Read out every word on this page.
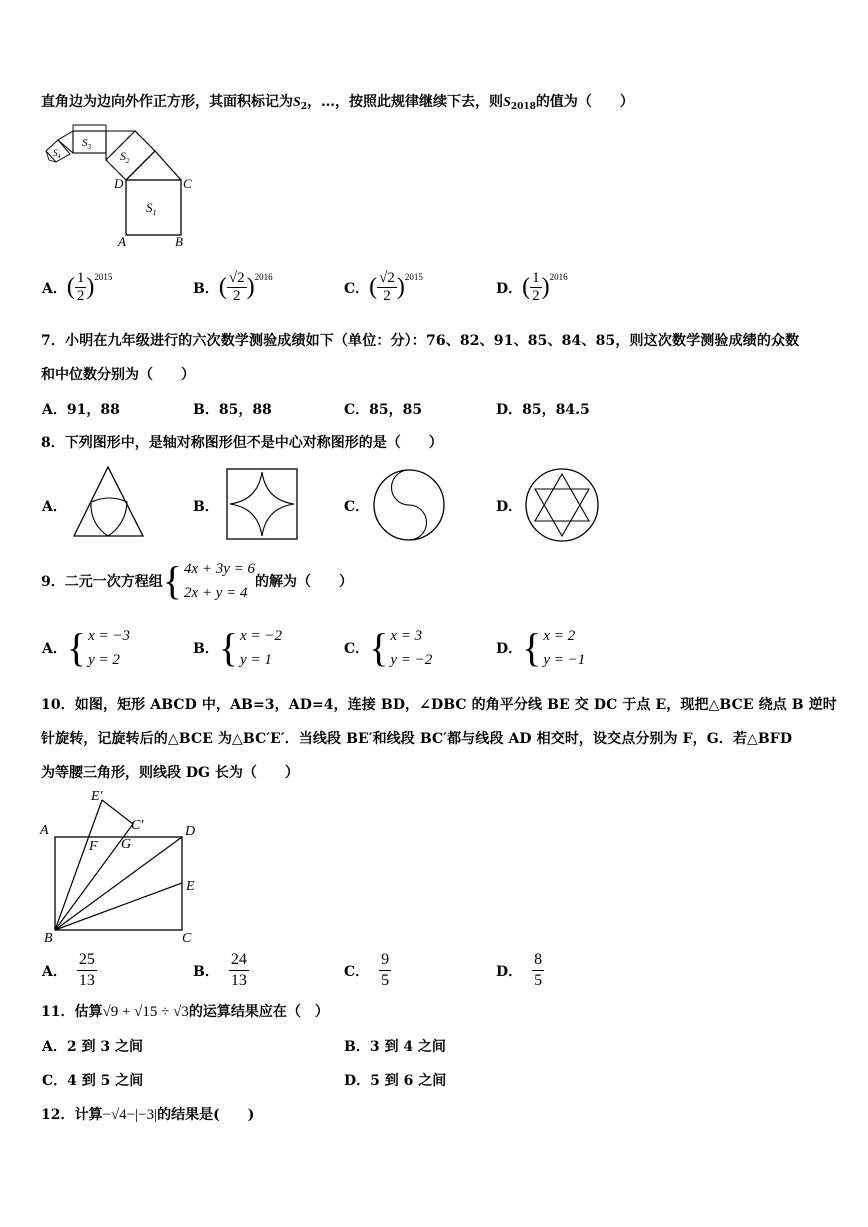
直角边为边向外作正方形，其面积标记为$S_2$，…，按照此规律继续下去，则$S_{2018}$的值为（　　）
$S_1$
$S_2$
$S_3$
$S_4$
D	C
A	B
A． ( $\frac{1}{2}$ ) 2015
B． ( $\frac{√2}{2}$ ) 2016
C． ( $\frac{√2}{2}$ ) 2015
D． ( $\frac{1}{2}$ ) 2016
7．小明在九年级进行的六次数学测验成绩如下（单位：分）：76、82、91、85、84、85，则这次数学测验成绩的众数
和中位数分别为（　　）
A．91，88	B．85，88	C．85，85	D．85，84.5
8．下列图形中，是轴对称图形但不是中心对称图形的是（　　）
A．	B．	C．	D．
9．二元一次方程组 { 4x + 3y = 6
2x + y = 4
的解为（　　）
A． { x = −3
y = 2
B． { x = −2
y = 1
C． { x = 3
y = −2
D． { x = 2
y = −1
10．如图，矩形 ABCD 中，AB=3，AD=4，连接 BD，∠DBC 的角平分线 BE 交 DC 于点 E，现把△BCE 绕点 B 逆时
针旋转，记旋转后的△BCE 为△BC′E′．当线段 BE′和线段 BC′都与线段 AD 相交时，设交点分别为 F，G．若△BFD
为等腰三角形，则线段 DG 长为（　　）
A	D
E
B	C
E′
C′
F G
A． $\frac{25}{13}$	B． $\frac{24}{13}$	C． $\frac{9}{5}$	D． $\frac{8}{5}$
11．估算√9 + √15 ÷ √3的运算结果应在（　）
A．2 到 3 之间	B．3 到 4 之间
C．4 到 5 之间	D．5 到 6 之间
12．计算−√4−|−3|的结果是(　　)
